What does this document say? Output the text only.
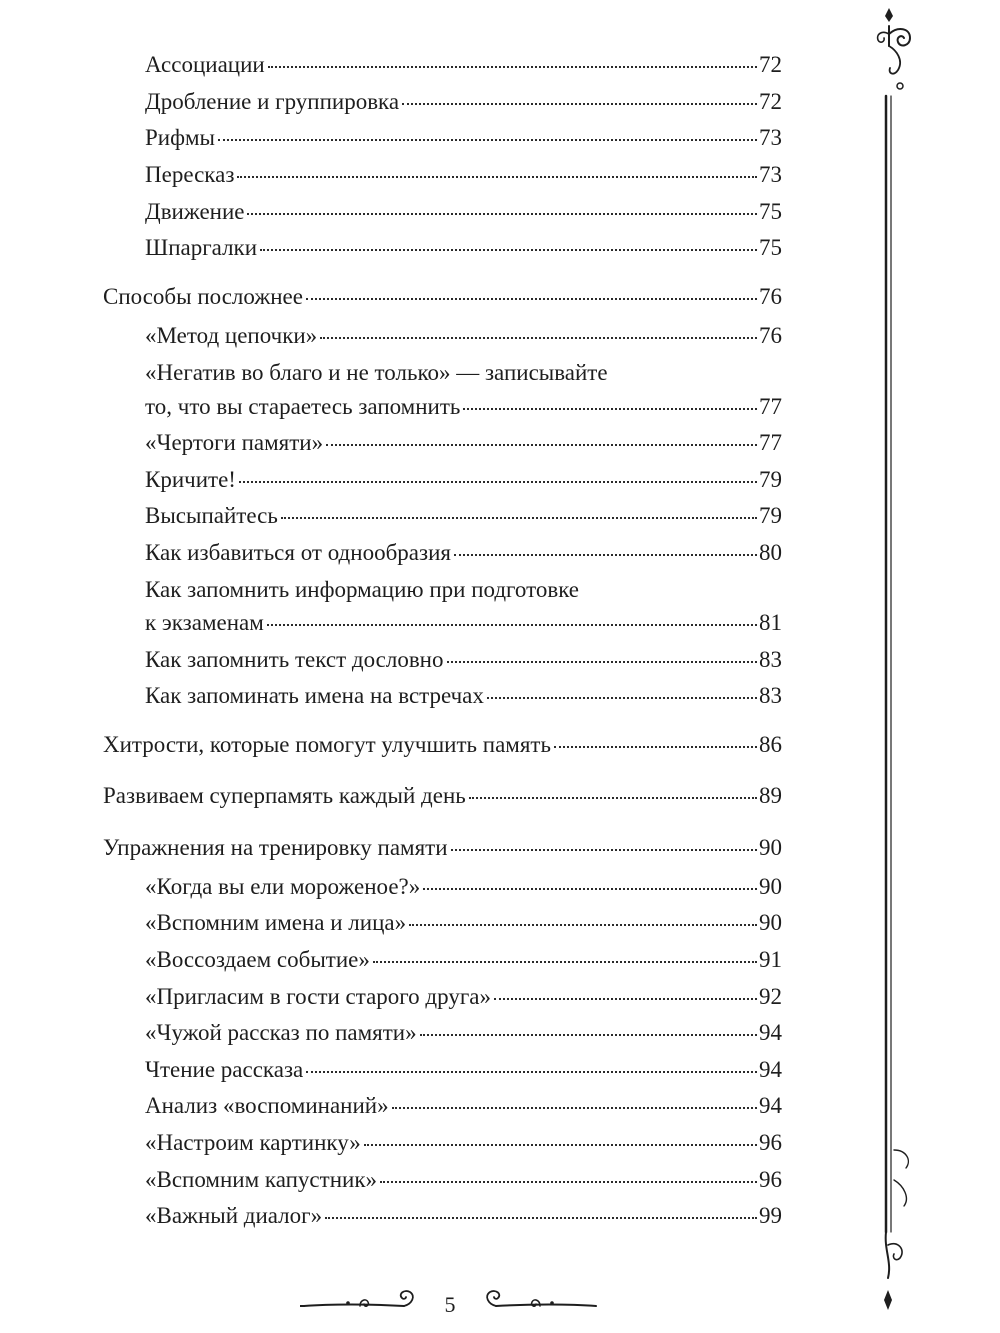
Ассоциации	72
Дробление и группировка	72
Рифмы	73
Пересказ	73
Движение	75
Шпаргалки	75
Способы посложнее	76
«Метод цепочки»	76
«Негатив во благо и не только» — записывайте
то, что вы стараетесь запомнить	77
«Чертоги памяти»	77
Кричите!	79
Высыпайтесь	79
Как избавиться от однообразия	80
Как запомнить информацию при подготовке
к экзаменам	81
Как запомнить текст дословно	83
Как запоминать имена на встречах	83
Хитрости, которые помогут улучшить память	86
Развиваем суперпамять каждый день	89
Упражнения на тренировку памяти	90
«Когда вы ели мороженое?»	90
«Вспомним имена и лица»	90
«Воссоздаем событие»	91
«Пригласим в гости старого друга»	92
«Чужой рассказ по памяти»	94
Чтение рассказа	94
Анализ «воспоминаний»	94
«Настроим картинку»	96
«Вспомним капустник»	96
«Важный диалог»	99
5
